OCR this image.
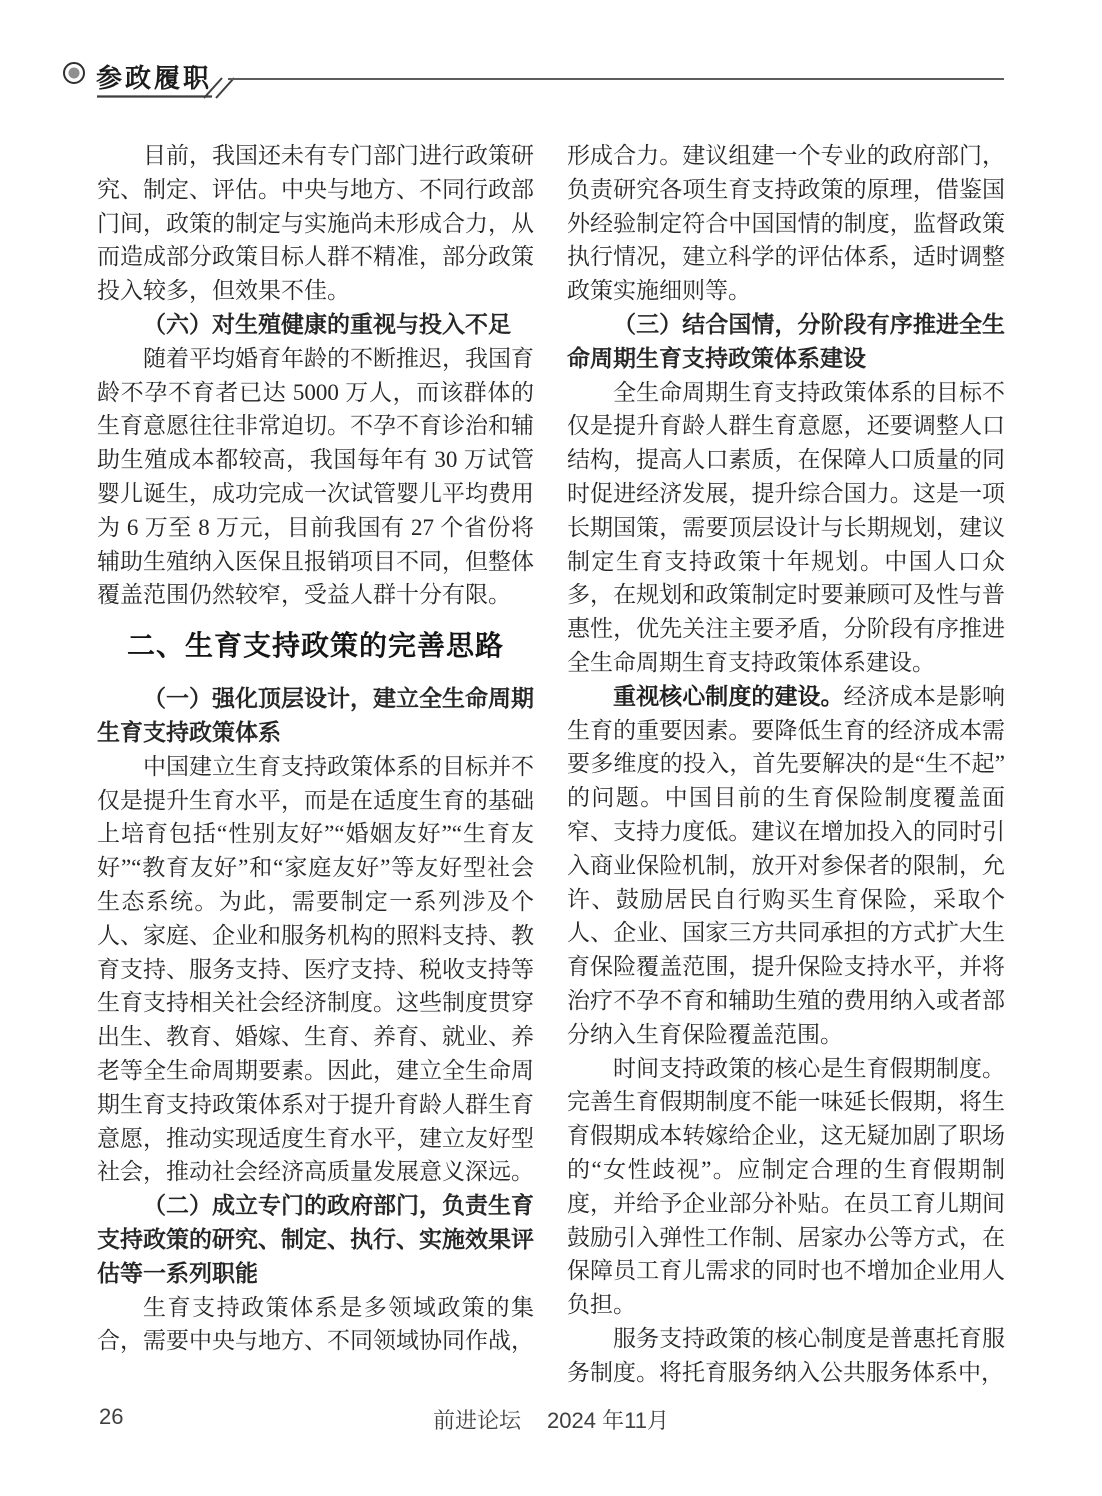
参政履职

目前，我国还未有专门部门进行政策研究、制定、评估。中央与地方、不同行政部门间，政策的制定与实施尚未形成合力，从而造成部分政策目标人群不精准，部分政策投入较多，但效果不佳。

（六）对生殖健康的重视与投入不足

随着平均婚育年龄的不断推迟，我国育龄不孕不育者已达 5000 万人，而该群体的生育意愿往往非常迫切。不孕不育诊治和辅助生殖成本都较高，我国每年有 30 万试管婴儿诞生，成功完成一次试管婴儿平均费用为 6 万至 8 万元，目前我国有 27 个省份将辅助生殖纳入医保且报销项目不同，但整体覆盖范围仍然较窄，受益人群十分有限。

二、生育支持政策的完善思路

（一）强化顶层设计，建立全生命周期生育支持政策体系

中国建立生育支持政策体系的目标并不仅是提升生育水平，而是在适度生育的基础上培育包括“性别友好”“婚姻友好”“生育友好”“教育友好”和“家庭友好”等友好型社会生态系统。为此，需要制定一系列涉及个人、家庭、企业和服务机构的照料支持、教育支持、服务支持、医疗支持、税收支持等生育支持相关社会经济制度。这些制度贯穿出生、教育、婚嫁、生育、养育、就业、养老等全生命周期要素。因此，建立全生命周期生育支持政策体系对于提升育龄人群生育意愿，推动实现适度生育水平，建立友好型社会，推动社会经济高质量发展意义深远。

（二）成立专门的政府部门，负责生育支持政策的研究、制定、执行、实施效果评估等一系列职能

生育支持政策体系是多领域政策的集合，需要中央与地方、不同领域协同作战，

形成合力。建议组建一个专业的政府部门，负责研究各项生育支持政策的原理，借鉴国外经验制定符合中国国情的制度，监督政策执行情况，建立科学的评估体系，适时调整政策实施细则等。

（三）结合国情，分阶段有序推进全生命周期生育支持政策体系建设

全生命周期生育支持政策体系的目标不仅是提升育龄人群生育意愿，还要调整人口结构，提高人口素质，在保障人口质量的同时促进经济发展，提升综合国力。这是一项长期国策，需要顶层设计与长期规划，建议制定生育支持政策十年规划。中国人口众多，在规划和政策制定时要兼顾可及性与普惠性，优先关注主要矛盾，分阶段有序推进全生命周期生育支持政策体系建设。

重视核心制度的建设。经济成本是影响生育的重要因素。要降低生育的经济成本需要多维度的投入，首先要解决的是“生不起”的问题。中国目前的生育保险制度覆盖面窄、支持力度低。建议在增加投入的同时引入商业保险机制，放开对参保者的限制，允许、鼓励居民自行购买生育保险，采取个人、企业、国家三方共同承担的方式扩大生育保险覆盖范围，提升保险支持水平，并将治疗不孕不育和辅助生殖的费用纳入或者部分纳入生育保险覆盖范围。

时间支持政策的核心是生育假期制度。完善生育假期制度不能一味延长假期，将生育假期成本转嫁给企业，这无疑加剧了职场的“女性歧视”。应制定合理的生育假期制度，并给予企业部分补贴。在员工育儿期间鼓励引入弹性工作制、居家办公等方式，在保障员工育儿需求的同时也不增加企业用人负担。

服务支持政策的核心制度是普惠托育服务制度。将托育服务纳入公共服务体系中，

26	前进论坛 2024 年11月
